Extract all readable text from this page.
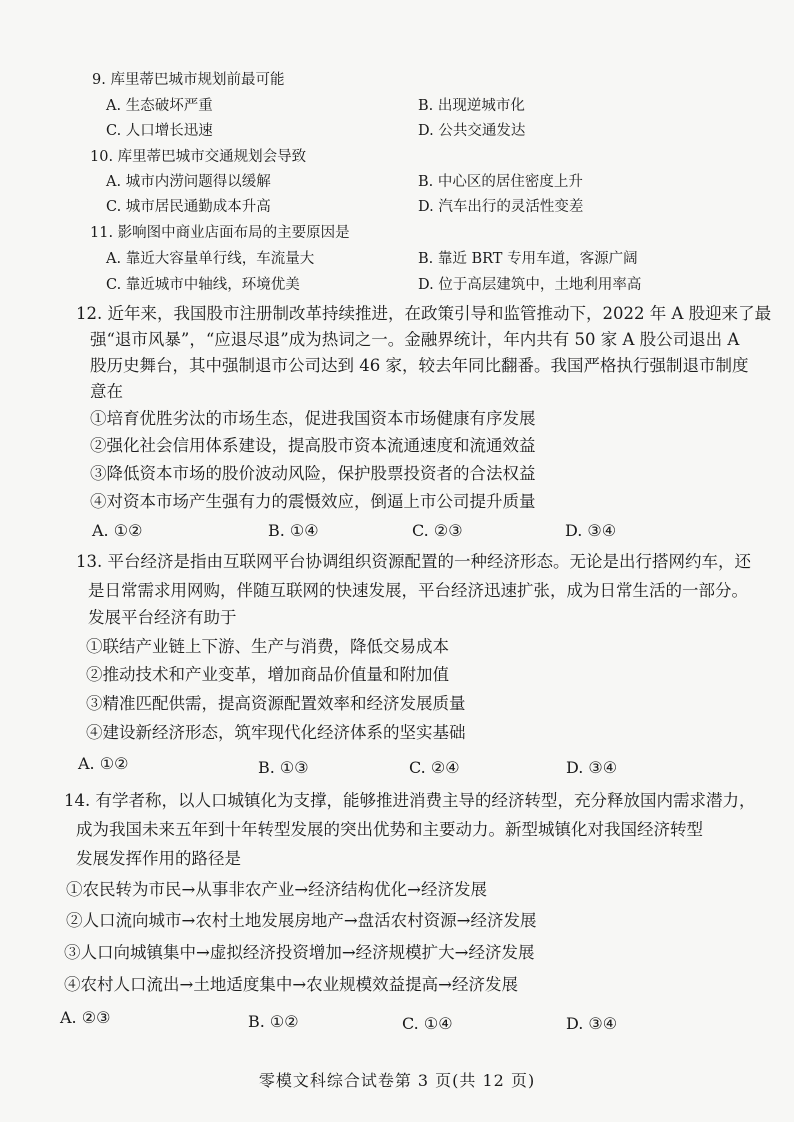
9. 库里蒂巴城市规划前最可能
A. 生态破坏严重	B. 出现逆城市化
C. 人口增长迅速	D. 公共交通发达
10. 库里蒂巴城市交通规划会导致
A. 城市内涝问题得以缓解	B. 中心区的居住密度上升
C. 城市居民通勤成本升高	D. 汽车出行的灵活性变差
11. 影响图中商业店面布局的主要原因是
A. 靠近大容量单行线，车流量大	B. 靠近 BRT 专用车道，客源广阔
C. 靠近城市中轴线，环境优美	D. 位于高层建筑中，土地利用率高
12. 近年来，我国股市注册制改革持续推进，在政策引导和监管推动下，2022 年 A 股迎来了最
强“退市风暴”，“应退尽退”成为热词之一。金融界统计，年内共有 50 家 A 股公司退出 A
股历史舞台，其中强制退市公司达到 46 家，较去年同比翻番。我国严格执行强制退市制度
意在
①培育优胜劣汰的市场生态，促进我国资本市场健康有序发展
②强化社会信用体系建设，提高股市资本流通速度和流通效益
③降低资本市场的股价波动风险，保护股票投资者的合法权益
④对资本市场产生强有力的震慑效应，倒逼上市公司提升质量
A. ①②	B. ①④	C. ②③	D. ③④
13. 平台经济是指由互联网平台协调组织资源配置的一种经济形态。无论是出行搭网约车，还
是日常需求用网购，伴随互联网的快速发展，平台经济迅速扩张，成为日常生活的一部分。
发展平台经济有助于
①联结产业链上下游、生产与消费，降低交易成本
②推动技术和产业变革，增加商品价值量和附加值
③精准匹配供需，提高资源配置效率和经济发展质量
④建设新经济形态，筑牢现代化经济体系的坚实基础
A. ①②	B. ①③	C. ②④	D. ③④
14. 有学者称，以人口城镇化为支撑，能够推进消费主导的经济转型，充分释放国内需求潜力，
成为我国未来五年到十年转型发展的突出优势和主要动力。新型城镇化对我国经济转型
发展发挥作用的路径是
①农民转为市民→从事非农产业→经济结构优化→经济发展
②人口流向城市→农村土地发展房地产→盘活农村资源→经济发展
③人口向城镇集中→虚拟经济投资增加→经济规模扩大→经济发展
④农村人口流出→土地适度集中→农业规模效益提高→经济发展
A. ②③	B. ①②	C. ①④	D. ③④
零模文科综合试卷第 3 页(共 12 页)
